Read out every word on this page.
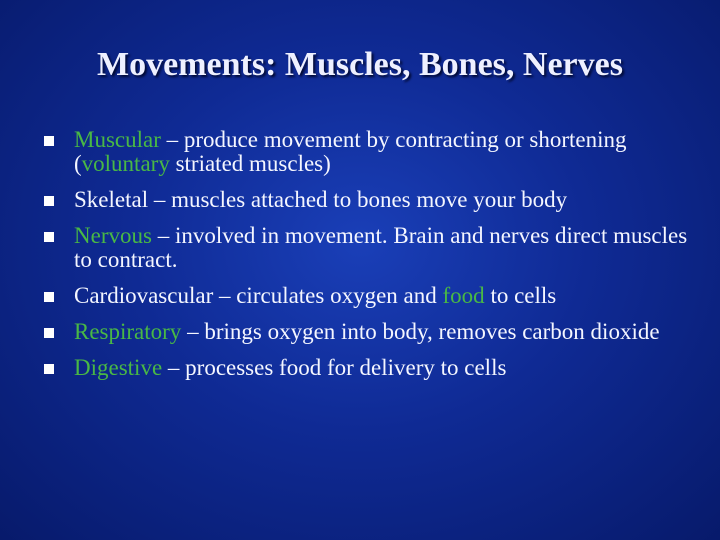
Movements: Muscles, Bones, Nerves
Muscular – produce movement by contracting or shortening (voluntary striated muscles)
Skeletal – muscles attached to bones move your body
Nervous – involved in movement. Brain and nerves direct muscles to contract.
Cardiovascular – circulates oxygen and food to cells
Respiratory – brings oxygen into body, removes carbon dioxide
Digestive – processes food for delivery to cells
